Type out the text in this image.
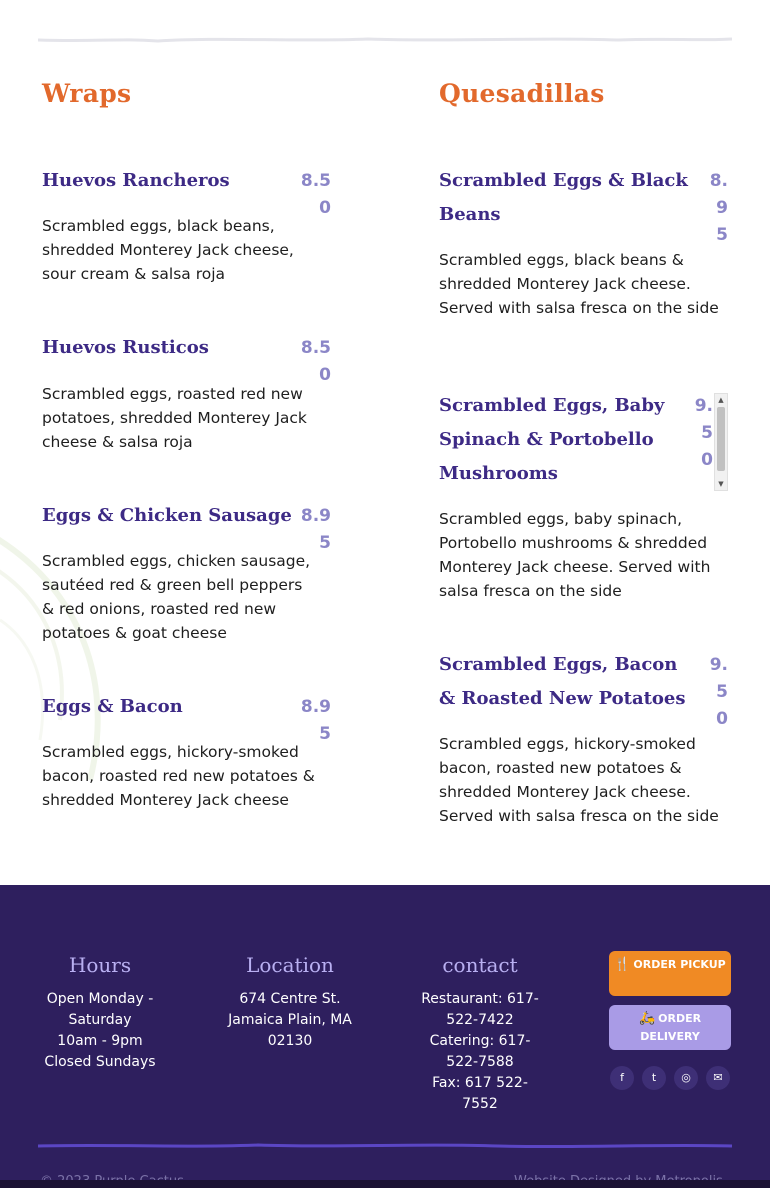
Wraps	Quesadillas
Huevos Rancheros	8.50
Scrambled eggs, black beans, shredded Monterey Jack cheese, sour cream & salsa roja
Huevos Rusticos	8.50
Scrambled eggs, roasted red new potatoes, shredded Monterey Jack cheese & salsa roja
Eggs & Chicken Sausage 8.95
Scrambled eggs, chicken sausage, sautéed red & green bell peppers & red onions, roasted red new potatoes & goat cheese
Eggs & Bacon	8.95
Scrambled eggs, hickory-smoked bacon, roasted red new potatoes & shredded Monterey Jack cheese
Scrambled Eggs & Black Beans
8.95
Scrambled eggs, black beans & shredded Monterey Jack cheese. Served with salsa fresca on the side
Scrambled Eggs, Baby Spinach & Portobello Mushrooms
9.50
▲
▼
Scrambled eggs, baby spinach, Portobello mushrooms & shredded Monterey Jack cheese. Served with salsa fresca on the side
Scrambled Eggs, Bacon & Roasted New Potatoes
9.50
Scrambled eggs, hickory-smoked bacon, roasted new potatoes & shredded Monterey Jack cheese. Served with salsa fresca on the side
Hours
Open Monday - Saturday
10am - 9pm
Closed Sundays
Location
674 Centre St.
Jamaica Plain, MA 02130
contact
Restaurant: 617-522-7422
Catering: 617-522-7588
Fax: 617 522-7552
🍴 ORDER PICKUP
🛵 ORDER DELIVERY
f	t	◎	✉
